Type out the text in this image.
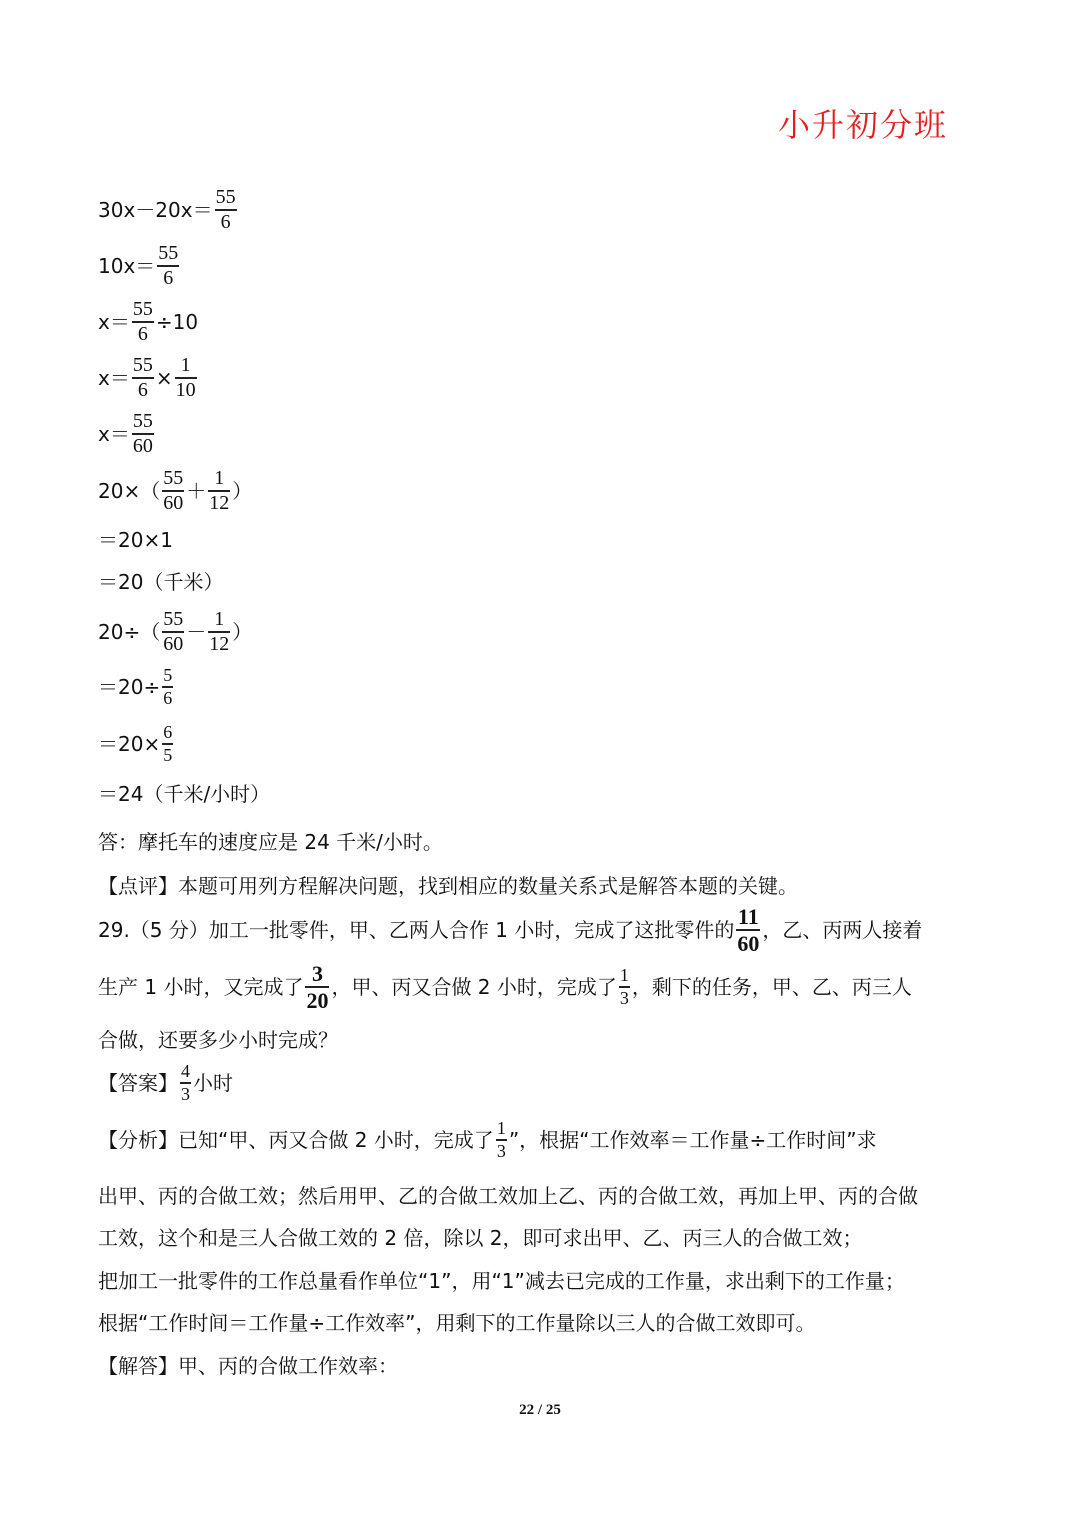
小升初分班
$30x-20x= \frac{55}{6}$
$10x= \frac{55}{6}$
$x= \frac{55}{6} \div 10$
$x= \frac{55}{6} \times \frac{1}{10}$
$x= \frac{55}{60}$
$20\times( \frac{55}{60} + \frac{1}{12}$ ）
＝20×1
＝20（千米）
$20\div( \frac{55}{60} - \frac{1}{12}$ ）
$=20\div \frac{5}{6}$
$=20\times \frac{6}{5}$
＝24（千米/小时）
答：摩托车的速度应是 24 千米/小时。
【点评】本题可用列方程解决问题，找到相应的数量关系式是解答本题的关键。
29.（5 分）加工一批零件，甲、乙两人合作 1 小时，完成了这批零件的 $\frac{11}{60}$ ，乙、丙两人接着
生产 1 小时，又完成了 $\frac{3}{20}$ ，甲、丙又合做 2 小时，完成了 $\frac{1}{3}$ ，剩下的任务，甲、乙、丙三人
合做，还要多少小时完成？
【答案】 $\frac{4}{3}$ 小时
【分析】已知“甲、丙又合做 2 小时，完成了 $\frac{1}{3}$ ”，根据“工作效率＝工作量÷工作时间”求
出甲、丙的合做工效；然后用甲、乙的合做工效加上乙、丙的合做工效，再加上甲、丙的合做
工效，这个和是三人合做工效的 2 倍，除以 2，即可求出甲、乙、丙三人的合做工效；
把加工一批零件的工作总量看作单位“1”，用“1”减去已完成的工作量，求出剩下的工作量；
根据“工作时间＝工作量÷工作效率”，用剩下的工作量除以三人的合做工效即可。
【解答】甲、丙的合做工作效率：
22 / 25
